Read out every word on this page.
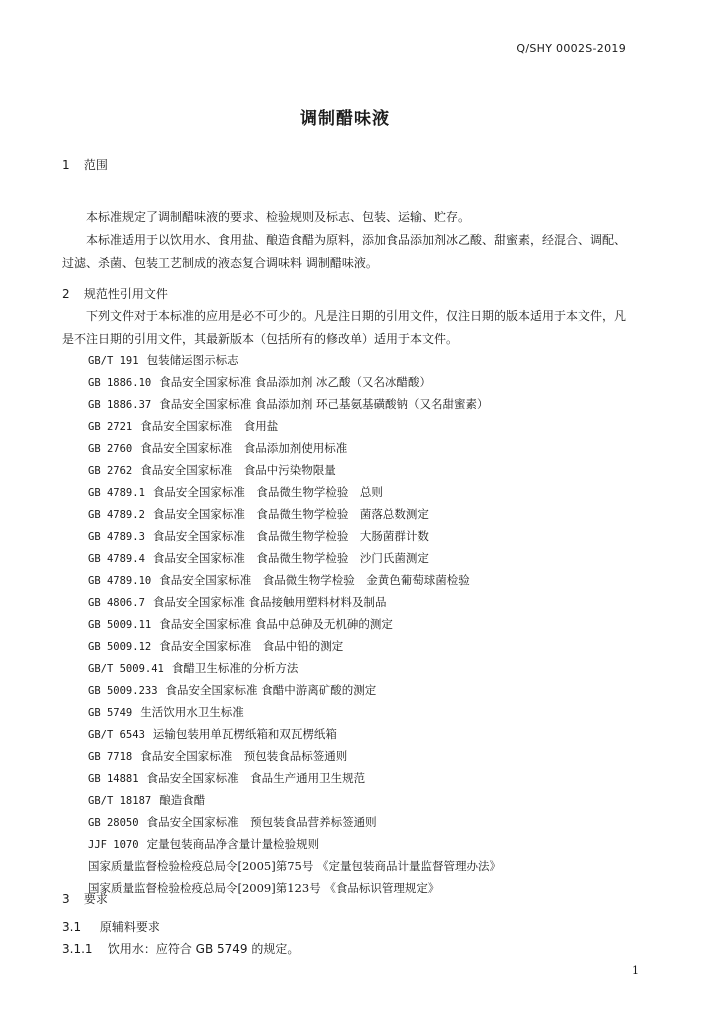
Q/SHY 0002S-2019
调制醋味液
1 范围
本标准规定了调制醋味液的要求、检验规则及标志、包装、运输、贮存。
本标准适用于以饮用水、食用盐、酿造食醋为原料，添加食品添加剂冰乙酸、甜蜜素，经混合、调配、过滤、杀菌、包装工艺制成的液态复合调味料 调制醋味液。
2 规范性引用文件
下列文件对于本标准的应用是必不可少的。凡是注日期的引用文件，仅注日期的版本适用于本文件，凡是不注日期的引用文件，其最新版本（包括所有的修改单）适用于本文件。
GB/T 191 包装储运图示标志
GB 1886.10 食品安全国家标准 食品添加剂 冰乙酸（又名冰醋酸）
GB 1886.37 食品安全国家标准 食品添加剂 环己基氨基磺酸钠（又名甜蜜素）
GB 2721 食品安全国家标准　食用盐
GB 2760 食品安全国家标准　食品添加剂使用标准
GB 2762 食品安全国家标准　食品中污染物限量
GB 4789.1 食品安全国家标准　食品微生物学检验　总则
GB 4789.2 食品安全国家标准　食品微生物学检验　菌落总数测定
GB 4789.3 食品安全国家标准　食品微生物学检验　大肠菌群计数
GB 4789.4 食品安全国家标准　食品微生物学检验　沙门氏菌测定
GB 4789.10 食品安全国家标准　食品微生物学检验　金黄色葡萄球菌检验
GB 4806.7 食品安全国家标准 食品接触用塑料材料及制品
GB 5009.11 食品安全国家标准 食品中总砷及无机砷的测定
GB 5009.12 食品安全国家标准　食品中铅的测定
GB/T 5009.41 食醋卫生标准的分析方法
GB 5009.233 食品安全国家标准 食醋中游离矿酸的测定
GB 5749 生活饮用水卫生标准
GB/T 6543 运输包装用单瓦楞纸箱和双瓦楞纸箱
GB 7718 食品安全国家标准　预包装食品标签通则
GB 14881 食品安全国家标准　食品生产通用卫生规范
GB/T 18187 酿造食醋
GB 28050 食品安全国家标准　预包装食品营养标签通则
JJF 1070 定量包装商品净含量计量检验规则
国家质量监督检验检疫总局令[2005]第75号 《定量包装商品计量监督管理办法》
国家质量监督检验检疫总局令[2009]第123号 《食品标识管理规定》
3 要求
3.1 原辅料要求
3.1.1 饮用水：应符合 GB 5749 的规定。
1
